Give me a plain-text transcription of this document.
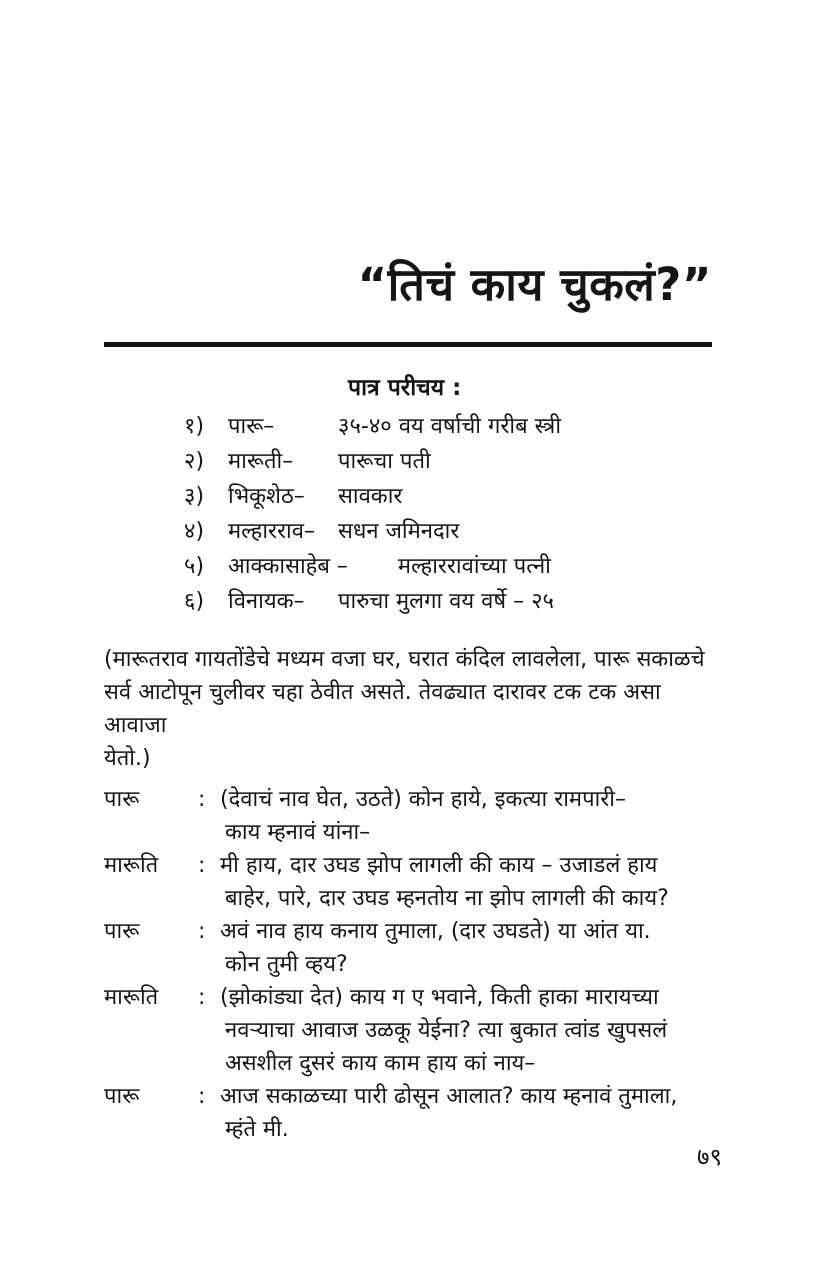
“तिचं काय चुकलं?”
पात्र परीचय :
१)	पारू–	३५-४० वय वर्षाची गरीब स्त्री
२)	मारूती–	पारूचा पती
३)	भिकूशेठ–	सावकार
४)	मल्हारराव–	सधन जमिनदार
५)	आक्कासाहेब –	मल्हाररावांच्या पत्नी
६)	विनायक–	पारुचा मुलगा वय वर्षे – २५
(मारूतराव गायतोंडेचे मध्यम वजा घर, घरात कंदिल लावलेला, पारू सकाळचे
सर्व आटोपून चुलीवर चहा ठेवीत असते. तेवढ्यात दारावर टक टक असा आवाजा
येतो.)
पारू	: (देवाचं नाव घेत, उठते) कोन हाये, इकत्या रामपारी–
काय म्हनावं यांना–
मारूति	: मी हाय, दार उघड झोप लागली की काय – उजाडलं हाय
बाहेर, पारे, दार उघड म्हनतोय ना झोप लागली की काय?
पारू	: अवं नाव हाय कनाय तुमाला, (दार उघडते) या आंत या.
कोन तुमी व्हय?
मारूति	: (झोकांड्या देत) काय ग ए भवाने, किती हाका मारायच्या
नवऱ्याचा आवाज उळकू येईना? त्या बुकात त्वांड खुपसलं
असशील दुसरं काय काम हाय कां नाय–
पारू	: आज सकाळच्या पारी ढोसून आलात? काय म्हनावं तुमाला,
म्हंते मी.
७९
